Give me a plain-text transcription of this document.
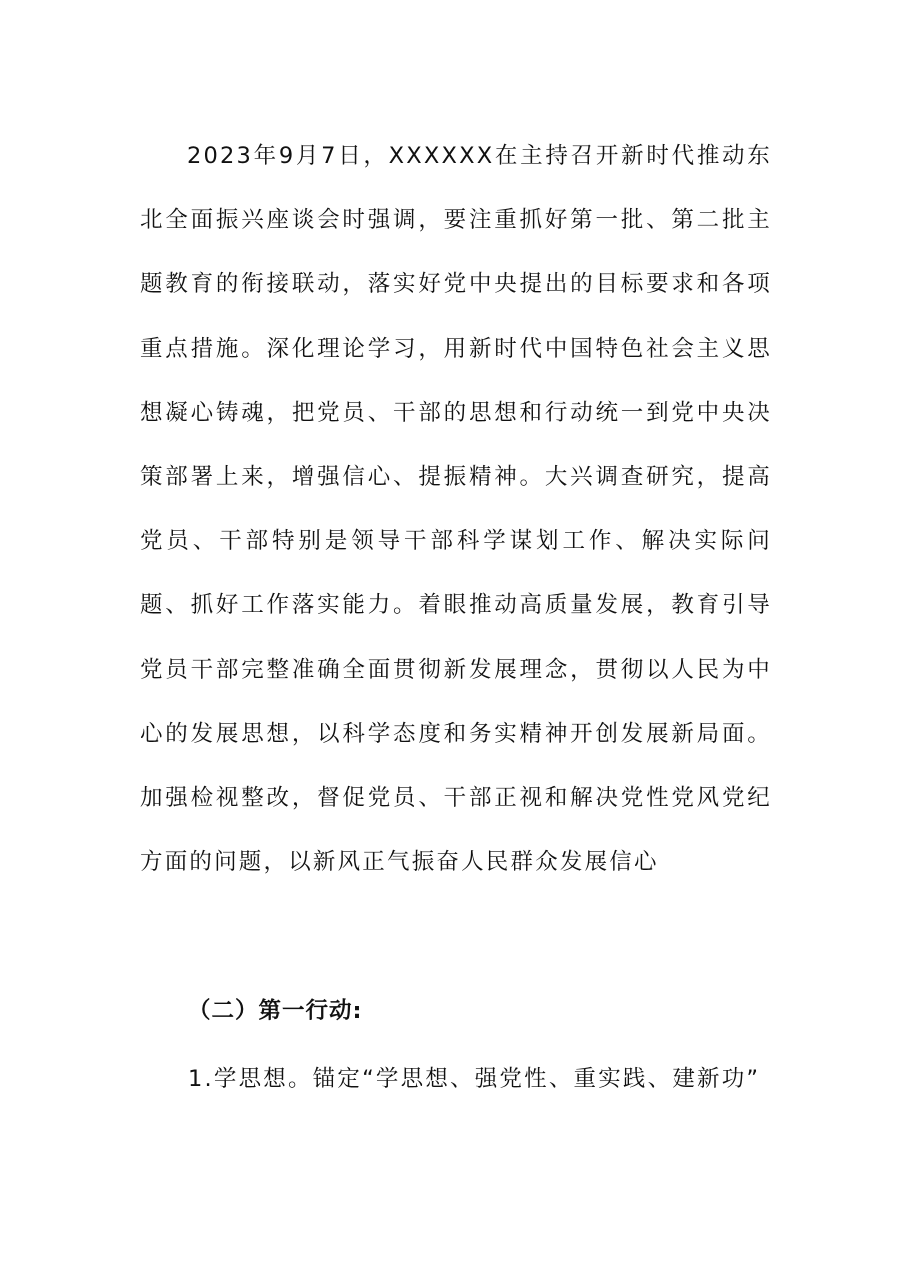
2023年9月7日，XXXXXX在主持召开新时代推动东北全面振兴座谈会时强调，要注重抓好第一批、第二批主题教育的衔接联动，落实好党中央提出的目标要求和各项重点措施。深化理论学习，用新时代中国特色社会主义思想凝心铸魂，把党员、干部的思想和行动统一到党中央决策部署上来，增强信心、提振精神。大兴调查研究，提高党员、干部特别是领导干部科学谋划工作、解决实际问题、抓好工作落实能力。着眼推动高质量发展，教育引导党员干部完整准确全面贯彻新发展理念，贯彻以人民为中心的发展思想，以科学态度和务实精神开创发展新局面。加强检视整改，督促党员、干部正视和解决党性党风党纪方面的问题，以新风正气振奋人民群众发展信心

（二）第一行动:

1.学思想。锚定“学思想、强党性、重实践、建新功”
